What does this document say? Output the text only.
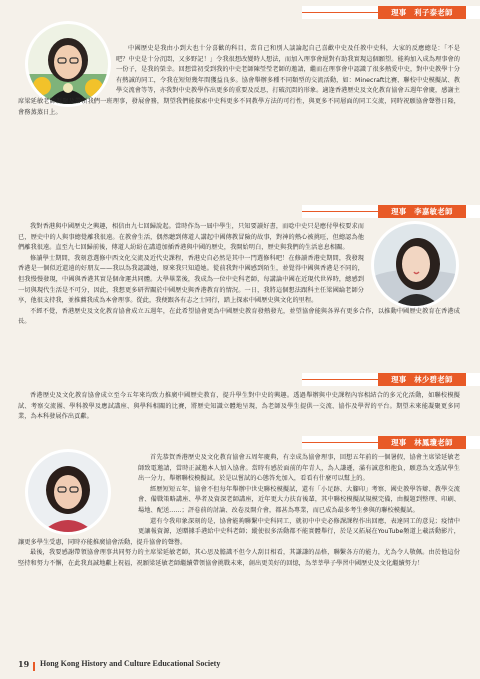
理事　利子泰老師

中國歷史是我由小到大也十分喜歡的科目，當自己和別人談論起自己喜歡中史及任教中史科，大家的反應總是：「不是吧？中史是十分沉悶，又多野記！」令我很想改變時人想法，而加入理事會絕對有助我實現這個願望。能夠加入成為理事會的一份子，是我的榮幸。回想當初受到我的中史老師陳瑩瑩老師的邀請，繼而在理事會中認識了很多熱愛中史，對中史教學十分有熱誠的同工，令我在短短幾年間獲益良多。協會舉辦多種不同類型的交流活動，如：Minecraft比賽、聯校中史模擬試、教學交流會等等，亦我對中史教學作出更多的重要及反思，打破沉悶的形象。適逢香港歷史及文化教育協會五週年會慶，感謝主席梁延敏老師凝聚及帶領我們一班理事，發展會務，期望我們能探索中史科更多不同教學方法的可行性，與更多不同層面的同工交流，同時祝願協會聲譽日隆，會務蒸蒸日上。

理事　李嘉敏老師

我對香港與中國歷史之興趣，相信由九七回歸說起。當時作為一屆中學生，只知要讀好書，而唸中史只是應付學校要求而已，歷史中的人與事總覺離我很遠。在教會生活，偶然聽到傳道人講起中國傳教冒險的故事，對神的熱心被挑旺，但總認為他們離我很遠。直至九七回歸前後，傳道人紛紛在講道加插香港與中國的歷史，我開始明白，歷史與我們的生活息息相關。

修讀學士期間，我刻意選修中西文化交流及近代史課程，香港史自必然是其中一門選修科吧！在修讀香港史期間，我發現香港是一個似近還遠的好朋友——我以為我認識她，原來我只知道她。從前我對中國感到陌生，並覺得中國與香港是不同的，但我慢慢發現，中國與香港其實是個命運共同體。大學畢業後，我成為一位中史科老師，每講論中國在近現代世界時，總感到一切與現代生活是不可分，因此，我想更多研習關於中國歷史與香港教育的情況。一日，我將這個想法跟科主任梁國綸老師分享，他很支持我，並推薦我成為本會理事。從此，我便跟各有志之士同行，踏上探索中國歷史與文化的里程。

不經不覺，香港歷史及文化教育協會成立五週年，在此希望協會更為中國歷史教育發熱發光，並望協會能與各界有更多合作，以推動中國歷史教育在香港成長。

理事　林少碧老師

香港歷史及文化教育協會成立至今五年來均致力推廣中國歷史教育，提升學生對中史的興趣。透過舉辦與中史課程內容相結合的多元化活動，如聯校模擬試、考察交流團、學科教學及應試講座、與學科相關的比賽，將歷史知識立體地呈現，為老師及學生提供一交流、協作及學習的平台。期望未來能凝聚更多同業，為本科發展作出貢獻。

理事　林鳳瓊老師

首先恭賀香港歷史及文化教育協會五周年慶典，有幸成為協會理事，回想五年前的一個暑假，協會主席梁延敏老師致電邀請，當時正誠邀本人加入協會。當時有感於面前的年青人，為人謙遜，滿有誠意和抱負，願意為文透試學生出一分力，舉辦聯校模擬試。於是以嘗試的心態答允加入，看看有什麼可以幫上的。

經歷短短五年，協會不但每年舉辦中世史聯校模擬試，還有「小足跡、大腳印」考察、國史教學答辯、教學交流會、備戰策略講座、學者及資深老師講座，近年更大力扶育後輩，其中聯校模擬試規模完備，由擬題到整理、印刷、場地、配送……；評卷前的討論、改卷及開介會，都甚為專業，而已成為最多考生參與的聯校模擬試。

還有令我印象深刻的是，協會能夠聯繫中史科同工，就初中中史必修課課程作出回應，表達同工的意見；疫情中更讓報資源，送贈據手港給中史科老師；縱使很多活動都不能實體舉行，於是又拓展在YouTube頻道上載活動影片，讓更多學生受惠，同時亦能推廣協會活動，提升協會的聲譽。

最後，我要感謝帶領協會理事共同努力的主席梁延敏老師，其心思及膽識不但令人刮目相看，其謙謙的品格，聯繫各方的能力，尤為令人敬佩。由於他這份堅持和努力不懈，在此我真誠地獻上祝福，祝願梁延敏老師繼續帶領協會挑戰未來，創出更美好的回憶，為莘莘學子學習中國歷史及文化繼續努力！

19 Hong Kong History and Culture Educational Society
